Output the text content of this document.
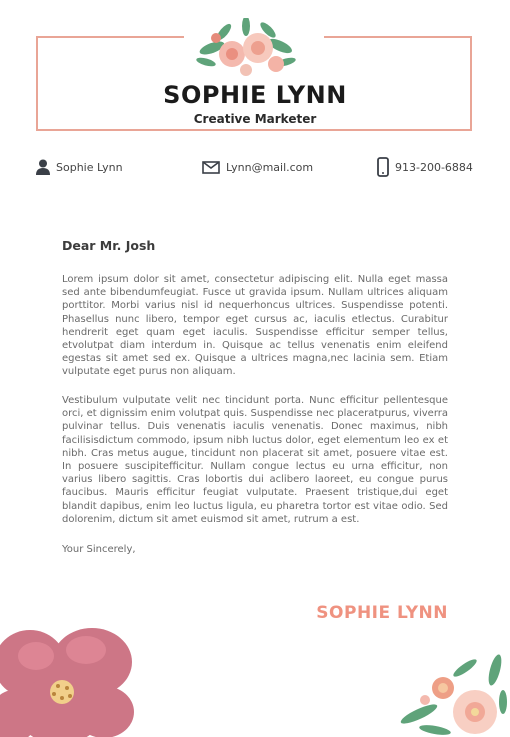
SOPHIE LYNN
Creative Marketer
Sophie Lynn	Lynn@mail.com	913-200-6884
Dear Mr. Josh
Lorem ipsum dolor sit amet, consectetur adipiscing elit. Nulla eget massa sed ante bibendumfeugiat. Fusce ut gravida ipsum. Nullam ultrices aliquam porttitor. Morbi varius nisl id nequerhoncus ultrices. Suspendisse potenti. Phasellus nunc libero, tempor eget cursus ac, iaculis etlectus. Curabitur hendrerit eget quam eget iaculis. Suspendisse efficitur semper tellus, etvolutpat diam interdum in. Quisque ac tellus venenatis enim eleifend egestas sit amet sed ex. Quisque a ultrices magna,nec lacinia sem. Etiam vulputate eget purus non aliquam.
Vestibulum vulputate velit nec tincidunt porta. Nunc efficitur pellentesque orci, et dignissim enim volutpat quis. Suspendisse nec placeratpurus, viverra pulvinar tellus. Duis venenatis iaculis venenatis. Donec maximus, nibh facilisisdictum commodo, ipsum nibh luctus dolor, eget elementum leo ex et nibh. Cras metus augue, tincidunt non placerat sit amet, posuere vitae est. In posuere suscipitefficitur. Nullam congue lectus eu urna efficitur, non varius libero sagittis. Cras lobortis dui aclibero laoreet, eu congue purus faucibus. Mauris efficitur feugiat vulputate. Praesent tristique,dui eget blandit dapibus, enim leo luctus ligula, eu pharetra tortor est vitae odio. Sed dolorenim, dictum sit amet euismod sit amet, rutrum a est.
Your Sincerely,
SOPHIE LYNN
